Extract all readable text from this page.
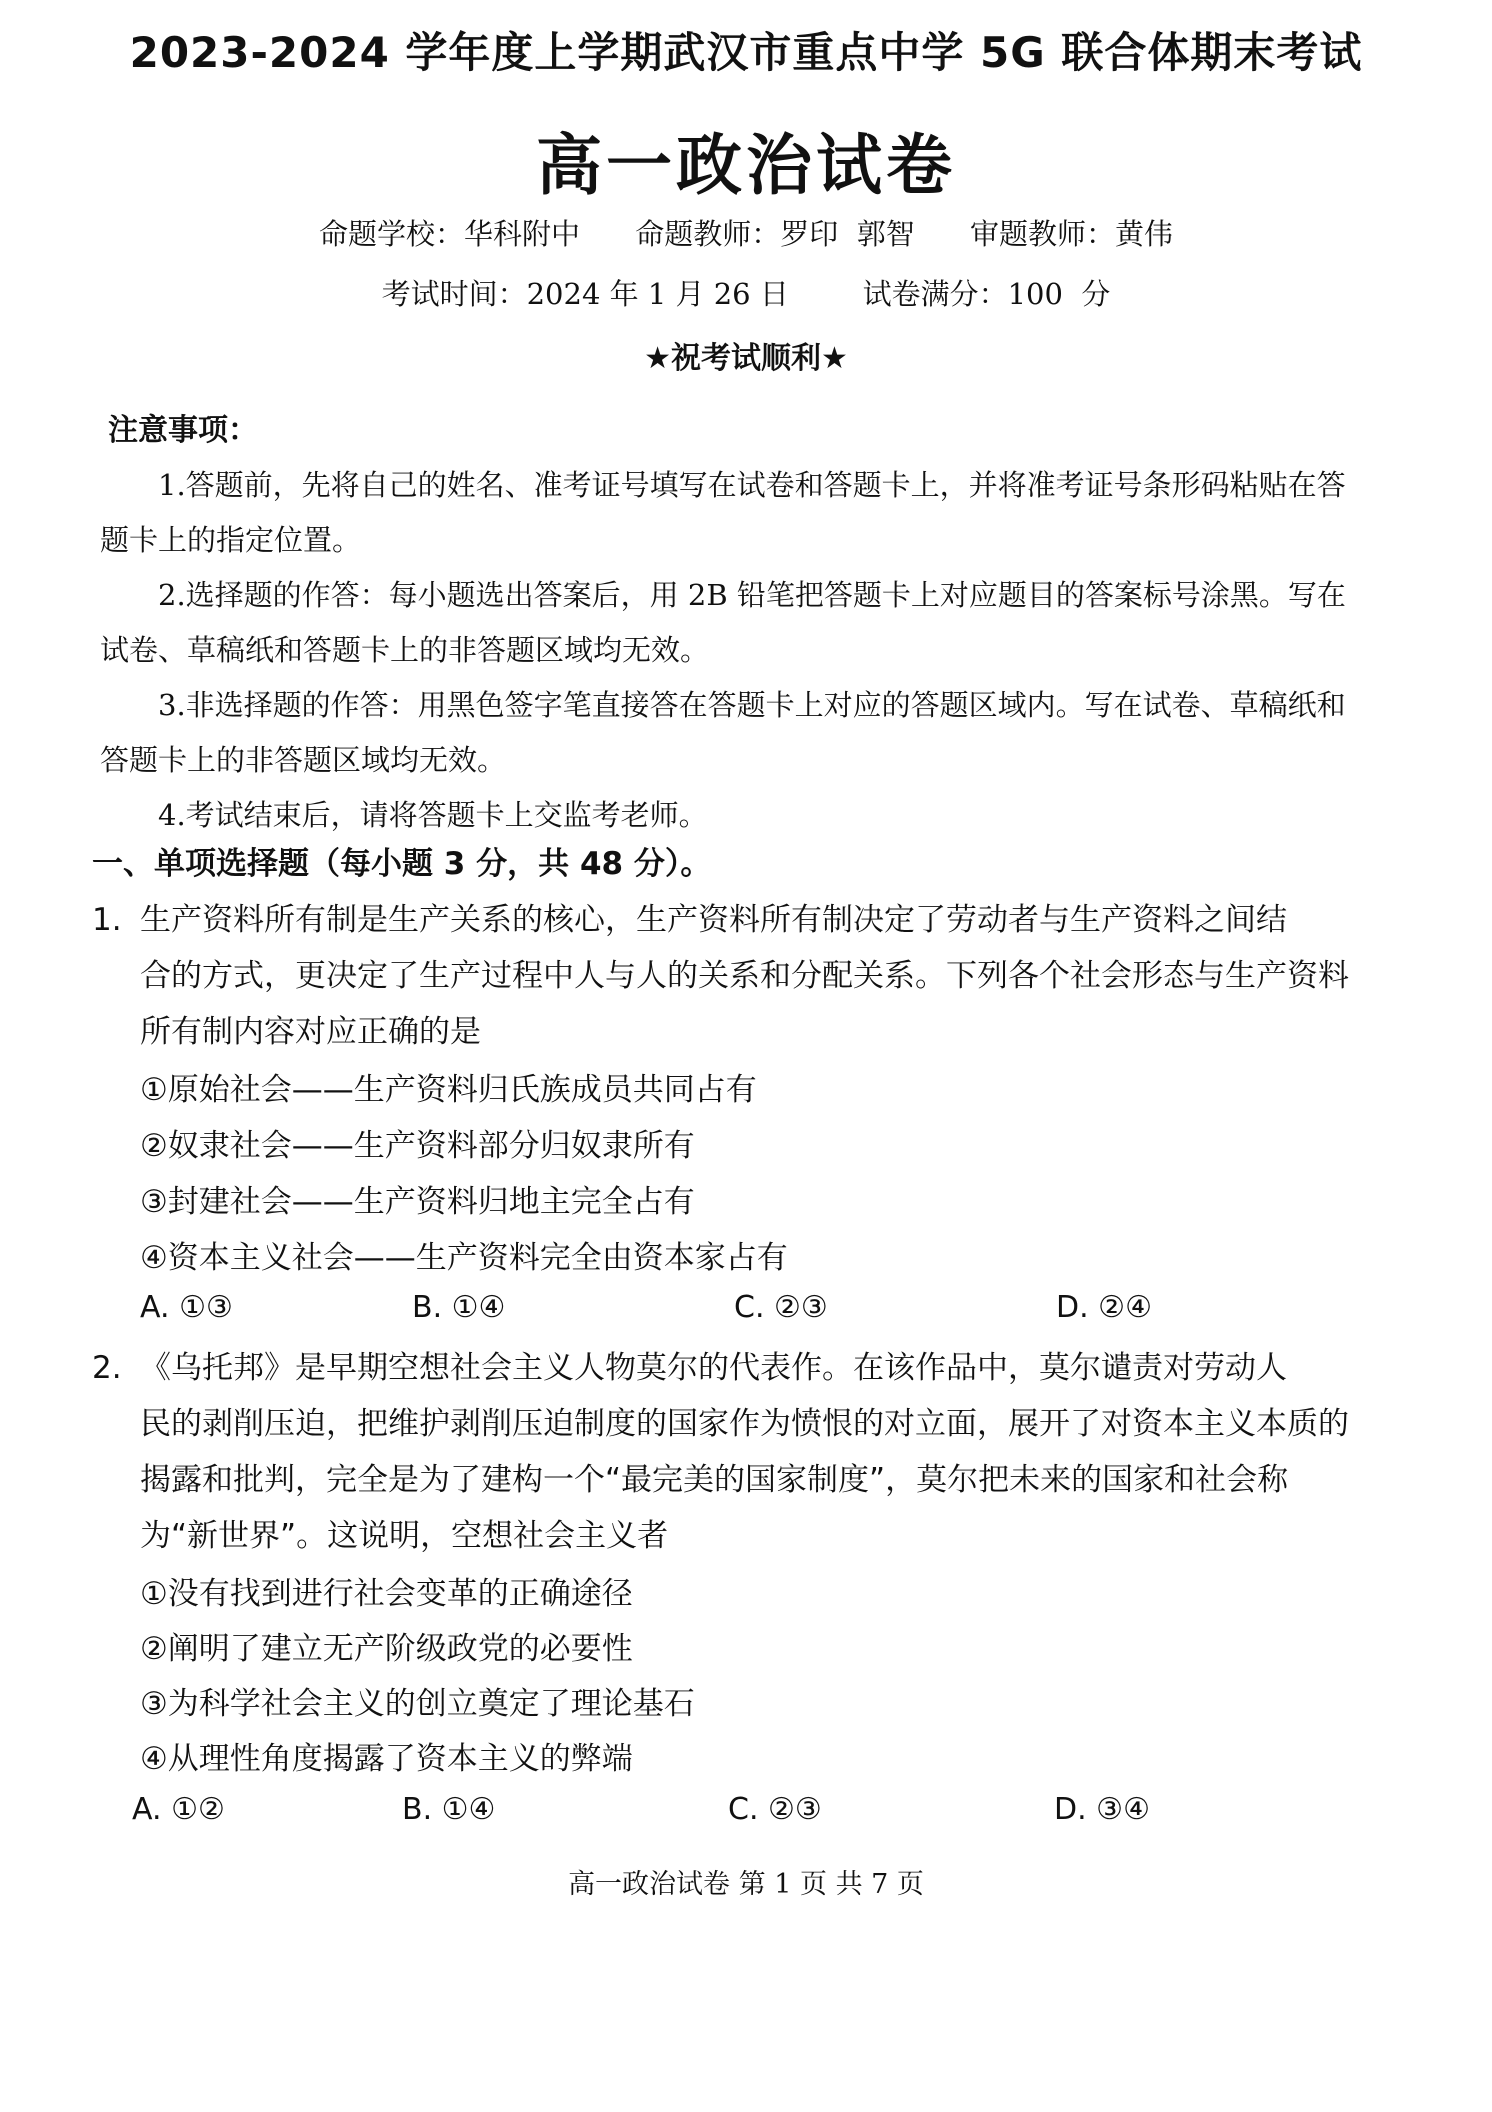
2023-2024 学年度上学期武汉市重点中学 5G 联合体期末考试
高一政治试卷
命题学校：华科附中      命题教师：罗印  郭智      审题教师：黄伟
考试时间：2024 年 1 月 26 日        试卷满分：100  分
★祝考试顺利★
注意事项：
1.答题前，先将自己的姓名、准考证号填写在试卷和答题卡上，并将准考证号条形码粘贴在答题卡上的指定位置。
2.选择题的作答：每小题选出答案后，用 2B 铅笔把答题卡上对应题目的答案标号涂黑。写在试卷、草稿纸和答题卡上的非答题区域均无效。
3.非选择题的作答：用黑色签字笔直接答在答题卡上对应的答题区域内。写在试卷、草稿纸和答题卡上的非答题区域均无效。
4.考试结束后，请将答题卡上交监考老师。
一、单项选择题（每小题 3 分，共 48 分）。
1. 生产资料所有制是生产关系的核心，生产资料所有制决定了劳动者与生产资料之间结
合的方式，更决定了生产过程中人与人的关系和分配关系。下列各个社会形态与生产资料所有制内容对应正确的是
①原始社会——生产资料归氏族成员共同占有
②奴隶社会——生产资料部分归奴隶所有
③封建社会——生产资料归地主完全占有
④资本主义社会——生产资料完全由资本家占有
A. ①③	B. ①④	C. ②③	D. ②④
2. 《乌托邦》是早期空想社会主义人物莫尔的代表作。在该作品中，莫尔谴责对劳动人
民的剥削压迫，把维护剥削压迫制度的国家作为愤恨的对立面，展开了对资本主义本质的揭露和批判，完全是为了建构一个“最完美的国家制度”，莫尔把未来的国家和社会称为“新世界”。这说明，空想社会主义者
①没有找到进行社会变革的正确途径
②阐明了建立无产阶级政党的必要性
③为科学社会主义的创立奠定了理论基石
④从理性角度揭露了资本主义的弊端
A. ①②	B. ①④	C. ②③	D. ③④
高一政治试卷 第 1 页 共 7 页
